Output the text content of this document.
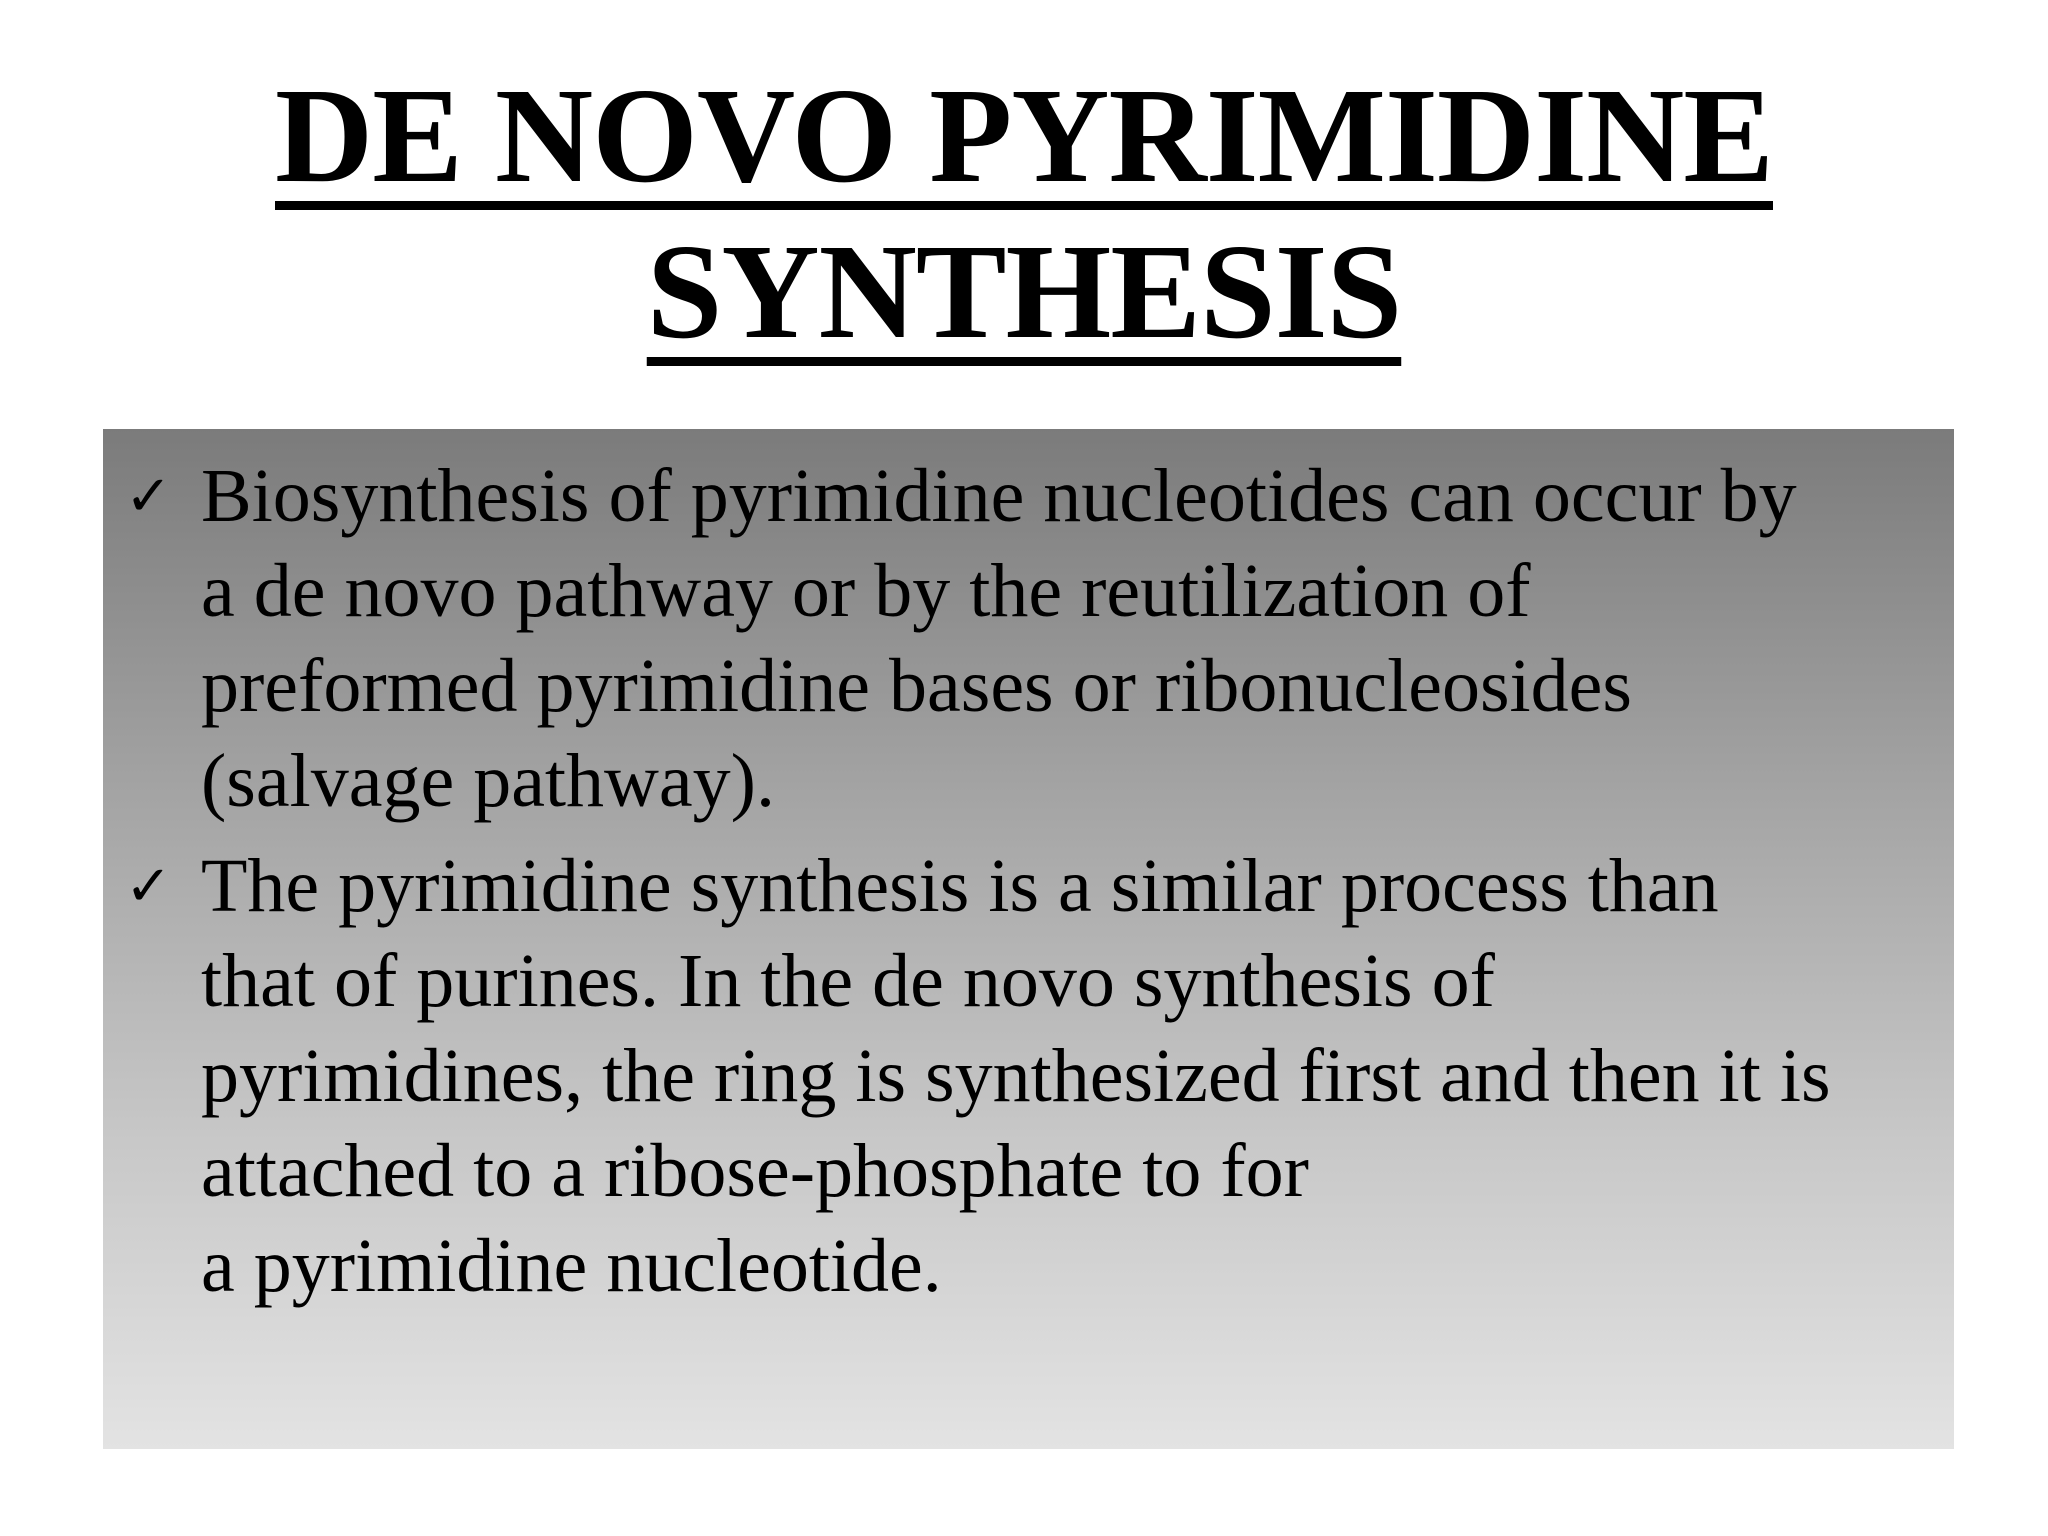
DE NOVO PYRIMIDINE
SYNTHESIS
✓ Biosynthesis of pyrimidine nucleotides can occur by
a de novo pathway or by the reutilization of
preformed pyrimidine bases or ribonucleosides
(salvage pathway).
✓ The pyrimidine synthesis is a similar process than
that of purines. In the de novo synthesis of
pyrimidines, the ring is synthesized first and then it is
attached to a ribose-phosphate to for
a pyrimidine nucleotide.
